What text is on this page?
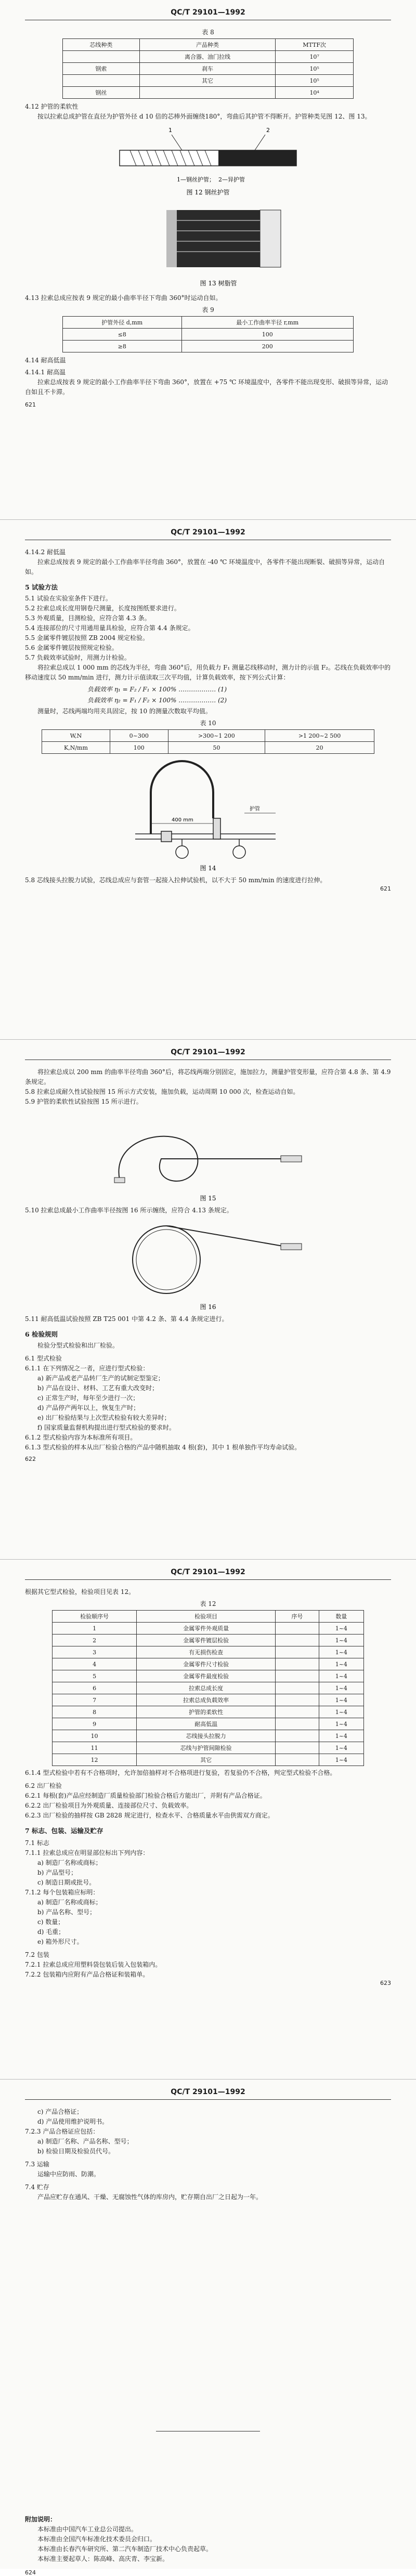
QC/T 29101—1992
表 8
芯线种类	产品种类	MTTF次
	离合器、油门拉线	10⁷
钢索	刹车	10⁵
	其它	10⁵
钢丝		10⁴

4.12 护管的柔软性

按以拉索总成护管在直径为护管外径 d 10 倍的芯棒外面缠绕180°，弯曲后其护管不得断开。护管种类见图 12、图 13。

1	2
1—钢丝护管； 2—异护管
图 12 钢丝护管
图 13 树脂管

4.13 拉索总成应按表 9 规定的最小曲率半径下弯曲 360°时运动自如。

表 9
护管外径 d,mm	最小工作曲率半径 r,mm
≤8	100
≥8	200

4.14 耐高低温

4.14.1 耐高温

拉索总成按表 9 规定的最小工作曲率半径下弯曲 360°，放置在 +75 ℃ 环境温度中，各零件不能出现变形、破损等异常，运动自如且不卡滞。

621
QC/T 29101—1992

4.14.2 耐低温

拉索总成按表 9 规定的最小工作曲率半径弯曲 360°，放置在 -40 ℃ 环境温度中，各零件不能出现断裂、破损等异常，运动自如。

5 试验方法

5.1 试验在实验室条件下进行。

5.2 拉索总成长度用钢卷尺测量，长度按图纸要求进行。

5.3 外观质量，目测检验，应符合第 4.3 条。

5.4 连接部位的尺寸用通用量具检验，应符合第 4.4 条规定。

5.5 金属零件镀层按照 ZB 2004 规定检验。

5.6 金属零件镀层按照规定检验。

5.7 负载效率试验时，用测力计检验。

将拉索总成以 1 000 mm 的芯线为半径，弯曲 360°后，用负载力 F₁ 测量芯线移动时，测力计的示值 F₂。芯线在负载效率中的移动速度以 50 mm/min 进行，测力计示值读取三次平均值，计算负载效率，按下列公式计算：

负载效率 η₁ = F₂ / F₁ × 100% ……………… (1)

负载效率 η₂ = F₁ / F₂ × 100% ……………… (2)

测量时，芯线两端均用夹具固定，按 10 的测量次数取平均值。

表 10
W,N	0~300	>300~1 200	>1 200~2 500
K,N/mm	100	50	20
400 mm
护管
图 14

5.8 芯线接头拉脱力试验，芯线总成应与套管一起接入拉伸试验机，以不大于 50 mm/min 的速度进行拉伸。

621
QC/T 29101—1992

将拉索总成以 200 mm 的曲率半径弯曲 360°后，将芯线两端分别固定，施加拉力，测量护管变形量，应符合第 4.8 条、第 4.9 条规定。

5.8 拉索总成耐久性试验按图 15 所示方式安装，施加负载，运动周期 10 000 次，检查运动自如。

5.9 护管的柔软性试验按图 15 所示进行。

图 15

5.10 拉索总成最小工作曲率半径按图 16 所示缠绕，应符合 4.13 条规定。

图 16

5.11 耐高低温试验按照 ZB T25 001 中第 4.2 条、第 4.4 条规定进行。

6 检验规则

检验分型式检验和出厂检验。

6.1 型式检验

6.1.1 在下列情况之一者，应进行型式检验：

a) 新产品或老产品转厂生产的试制定型鉴定；

b) 产品在设计、材料、工艺有重大改变时；

c) 正常生产时，每年至少进行一次；

d) 产品停产两年以上，恢复生产时；

e) 出厂检验结果与上次型式检验有较大差异时；

f) 国家质量监督机构提出进行型式检验的要求时。

6.1.2 型式检验内容为本标准所有项目。

6.1.3 型式检验的样本从出厂检验合格的产品中随机抽取 4 根(套)，其中 1 根单独作平均寿命试验。

622
QC/T 29101—1992

根据其它型式检验，检验项目见表 12。

表 12
检验顺序号	检验项目	序号	数量
1	金属零件外观质量		1~4
2	金属零件镀层检验		1~4
3	有无损伤检查		1~4
4	金属零件尺寸检验		1~4
5	金属零件最度检验		1~4
6	拉索总成长度		1~4
7	拉索总成负载效率		1~4
8	护管的柔软性		1~4
9	耐高低温		1~4
10	芯线接头拉脱力		1~4
11	芯线与护管间隙检验		1~4
12	其它		1~4

6.1.4 型式检验中若有不合格项时，允许加倍抽样对不合格项进行复验，若复验仍不合格，判定型式检验不合格。

6.2 出厂检验

6.2.1 每根(套)产品应经制造厂质量检验部门检验合格后方能出厂，并附有产品合格证。

6.2.2 出厂检验项目为外观质量、连接部位尺寸、负载效率。

6.2.3 出厂检验的抽样按 GB 2828 规定进行，检查水平、合格质量水平由供需双方商定。

7 标志、包装、运输及贮存

7.1 标志

7.1.1 拉索总成应在明显部位标出下列内容：

a) 制造厂名称或商标；

b) 产品型号；

c) 制造日期或批号。

7.1.2 每个包装箱应标明：

a) 制造厂名称或商标；

b) 产品名称、型号；

c) 数量；

d) 毛重；

e) 箱外形尺寸。

7.2 包装

7.2.1 拉索总成应用塑料袋包装后装入包装箱内。

7.2.2 包装箱内应附有产品合格证和装箱单。

623
QC/T 29101—1992

c) 产品合格证；

d) 产品使用维护说明书。

7.2.3 产品合格证应包括：

a) 制造厂名称、产品名称、型号；

b) 检验日期及检验员代号。

7.3 运输

运输中应防雨、防潮。

7.4 贮存

产品应贮存在通风、干燥、无腐蚀性气体的库房内，贮存期自出厂之日起为一年。

附加说明：

本标准由中国汽车工业总公司提出。

本标准由全国汽车标准化技术委员会归口。

本标准由长春汽车研究所、第二汽车制造厂技术中心负责起草。

本标准主要起草人：陈高峰、高庆青、李宝新。

624
